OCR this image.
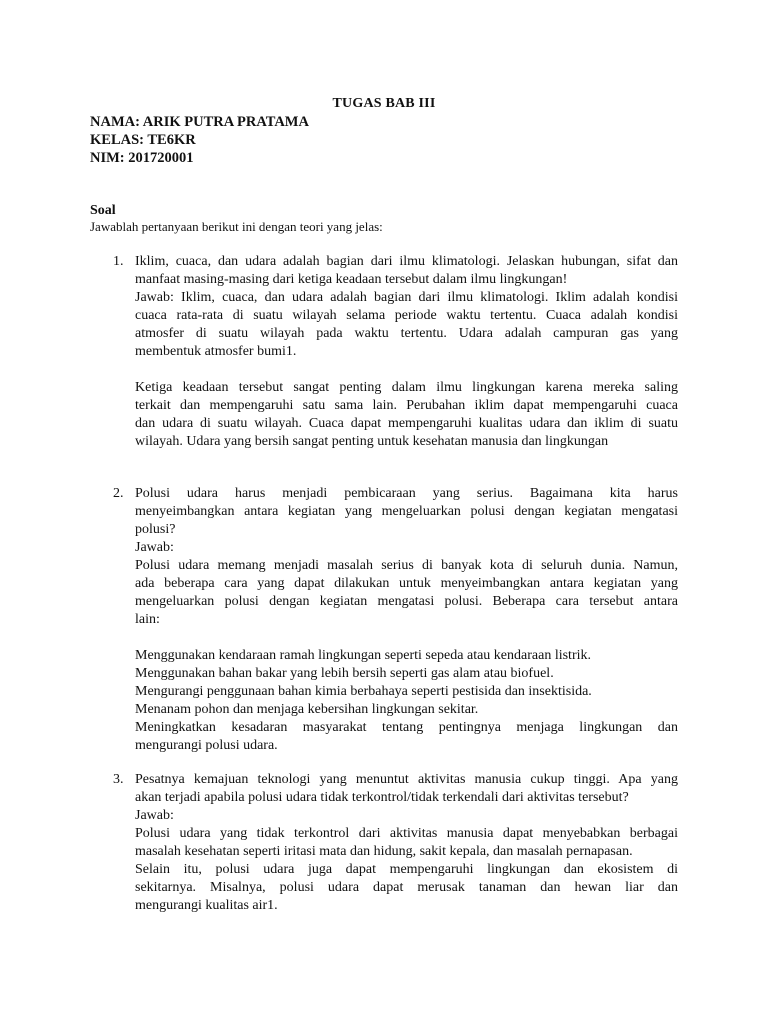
TUGAS BAB III
NAMA: ARIK PUTRA PRATAMA
KELAS: TE6KR
NIM: 201720001
Soal
Jawablah pertanyaan berikut ini dengan teori yang jelas:
1. Iklim, cuaca, dan udara adalah bagian dari ilmu klimatologi. Jelaskan hubungan, sifat dan
manfaat masing-masing dari ketiga keadaan tersebut dalam ilmu lingkungan!
Jawab: Iklim, cuaca, dan udara adalah bagian dari ilmu klimatologi. Iklim adalah kondisi
cuaca rata-rata di suatu wilayah selama periode waktu tertentu. Cuaca adalah kondisi
atmosfer di suatu wilayah pada waktu tertentu. Udara adalah campuran gas yang
membentuk atmosfer bumi1.
Ketiga keadaan tersebut sangat penting dalam ilmu lingkungan karena mereka saling
terkait dan mempengaruhi satu sama lain. Perubahan iklim dapat mempengaruhi cuaca
dan udara di suatu wilayah. Cuaca dapat mempengaruhi kualitas udara dan iklim di suatu
wilayah. Udara yang bersih sangat penting untuk kesehatan manusia dan lingkungan
2. Polusi udara harus menjadi pembicaraan yang serius. Bagaimana kita harus
menyeimbangkan antara kegiatan yang mengeluarkan polusi dengan kegiatan mengatasi
polusi?
Jawab:
Polusi udara memang menjadi masalah serius di banyak kota di seluruh dunia. Namun,
ada beberapa cara yang dapat dilakukan untuk menyeimbangkan antara kegiatan yang
mengeluarkan polusi dengan kegiatan mengatasi polusi. Beberapa cara tersebut antara
lain:
Menggunakan kendaraan ramah lingkungan seperti sepeda atau kendaraan listrik.
Menggunakan bahan bakar yang lebih bersih seperti gas alam atau biofuel.
Mengurangi penggunaan bahan kimia berbahaya seperti pestisida dan insektisida.
Menanam pohon dan menjaga kebersihan lingkungan sekitar.
Meningkatkan kesadaran masyarakat tentang pentingnya menjaga lingkungan dan
mengurangi polusi udara.
3. Pesatnya kemajuan teknologi yang menuntut aktivitas manusia cukup tinggi. Apa yang
akan terjadi apabila polusi udara tidak terkontrol/tidak terkendali dari aktivitas tersebut?
Jawab:
Polusi udara yang tidak terkontrol dari aktivitas manusia dapat menyebabkan berbagai
masalah kesehatan seperti iritasi mata dan hidung, sakit kepala, dan masalah pernapasan.
Selain itu, polusi udara juga dapat mempengaruhi lingkungan dan ekosistem di
sekitarnya. Misalnya, polusi udara dapat merusak tanaman dan hewan liar dan
mengurangi kualitas air1.
